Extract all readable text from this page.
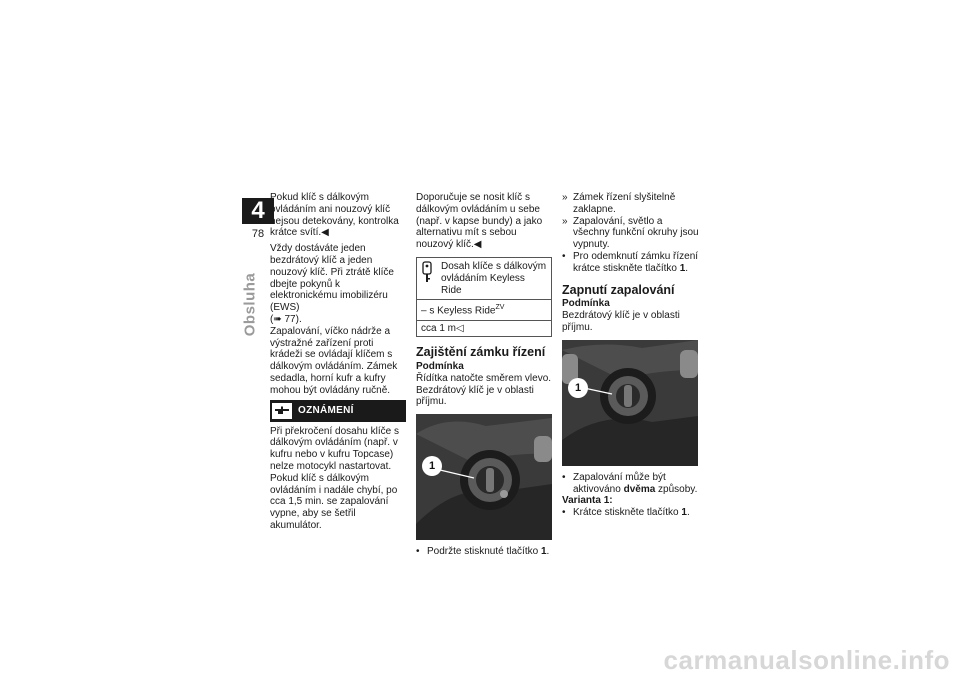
4
78
Obsluha

Pokud klíč s dálkovým ovládáním ani nouzový klíč nejsou detekovány, kontrolka krátce svítí.◀

Vždy dostáváte jeden bezdrátový klíč a jeden nouzový klíč. Při ztrátě klíče dbejte pokynů k elektronickému imobilizéru (EWS)

(➠ 77).

Zapalování, víčko nádrže a výstražné zařízení proti krádeži se ovládají klíčem s dálkovým ovládáním. Zámek sedadla, horní kufr a kufry mohou být ovládány ručně.

OZNÁMENÍ

Při překročení dosahu klíče s dálkovým ovládáním (např. v kufru nebo v kufru Topcase) nelze motocykl nastartovat.

Pokud klíč s dálkovým ovládáním i nadále chybí, po cca 1,5 min. se zapalování vypne, aby se šetřil akumulátor.

Doporučuje se nosit klíč s dálkovým ovládáním u sebe (např. v kapse bundy) a jako alternativu mít s sebou nouzový klíč.◀

Dosah klíče s dálkovým ovládáním Keyless Ride
– s Keyless Ride$^{ZV}$
cca 1 m◁
Zajištění zámku řízení
Podmínka

Řídítka natočte směrem vlevo.

Bezdrátový klíč je v oblasti příjmu.

1
• Podržte stisknuté tlačítko 1.
» Zámek řízení slyšitelně zaklapne.
» Zapalování, světlo a všechny funkční okruhy jsou vypnuty.
• Pro odemknutí zámku řízení krátce stiskněte tlačítko 1.
Zapnutí zapalování
Podmínka

Bezdrátový klíč je v oblasti příjmu.

1
• Zapalování může být aktivováno dvěma způsoby.
Varianta 1:
• Krátce stiskněte tlačítko 1.
carmanualsonline.info
